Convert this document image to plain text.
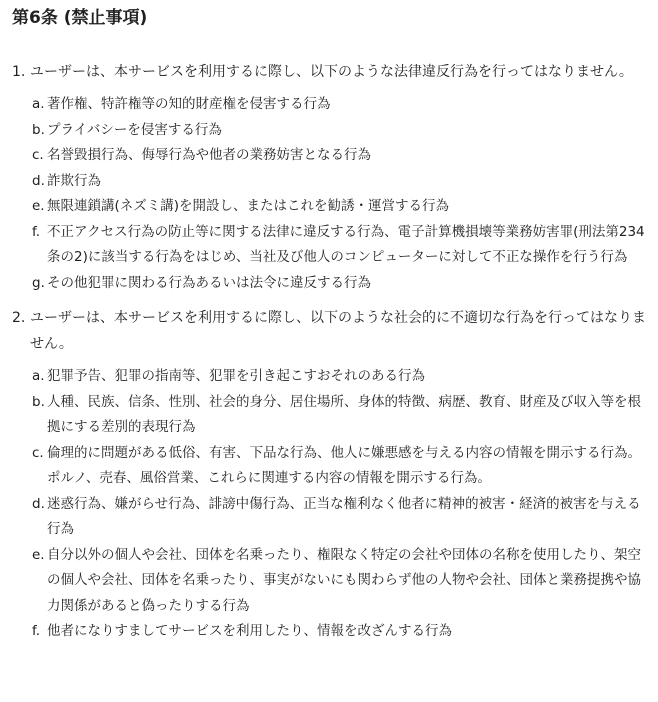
第6条 (禁止事項)
1. ユーザーは、本サービスを利用するに際し、以下のような法律違反行為を行ってはなりません。
a. 著作権、特許権等の知的財産権を侵害する行為
b. プライバシーを侵害する行為
c. 名誉毀損行為、侮辱行為や他者の業務妨害となる行為
d. 詐欺行為
e. 無限連鎖講(ネズミ講)を開設し、またはこれを勧誘・運営する行為
f. 不正アクセス行為の防止等に関する法律に違反する行為、電子計算機損壊等業務妨害罪(刑法第234条の2)に該当する行為をはじめ、当社及び他人のコンピューターに対して不正な操作を行う行為
g. その他犯罪に関わる行為あるいは法令に違反する行為
2. ユーザーは、本サービスを利用するに際し、以下のような社会的に不適切な行為を行ってはなりません。
a. 犯罪予告、犯罪の指南等、犯罪を引き起こすおそれのある行為
b. 人種、民族、信条、性別、社会的身分、居住場所、身体的特徴、病歴、教育、財産及び収入等を根拠にする差別的表現行為
c. 倫理的に問題がある低俗、有害、下品な行為、他人に嫌悪感を与える内容の情報を開示する行為。ポルノ、売春、風俗営業、これらに関連する内容の情報を開示する行為。
d. 迷惑行為、嫌がらせ行為、誹謗中傷行為、正当な権利なく他者に精神的被害・経済的被害を与える行為
e. 自分以外の個人や会社、団体を名乗ったり、権限なく特定の会社や団体の名称を使用したり、架空の個人や会社、団体を名乗ったり、事実がないにも関わらず他の人物や会社、団体と業務提携や協力関係があると偽ったりする行為
f. 他者になりすましてサービスを利用したり、情報を改ざんする行為
